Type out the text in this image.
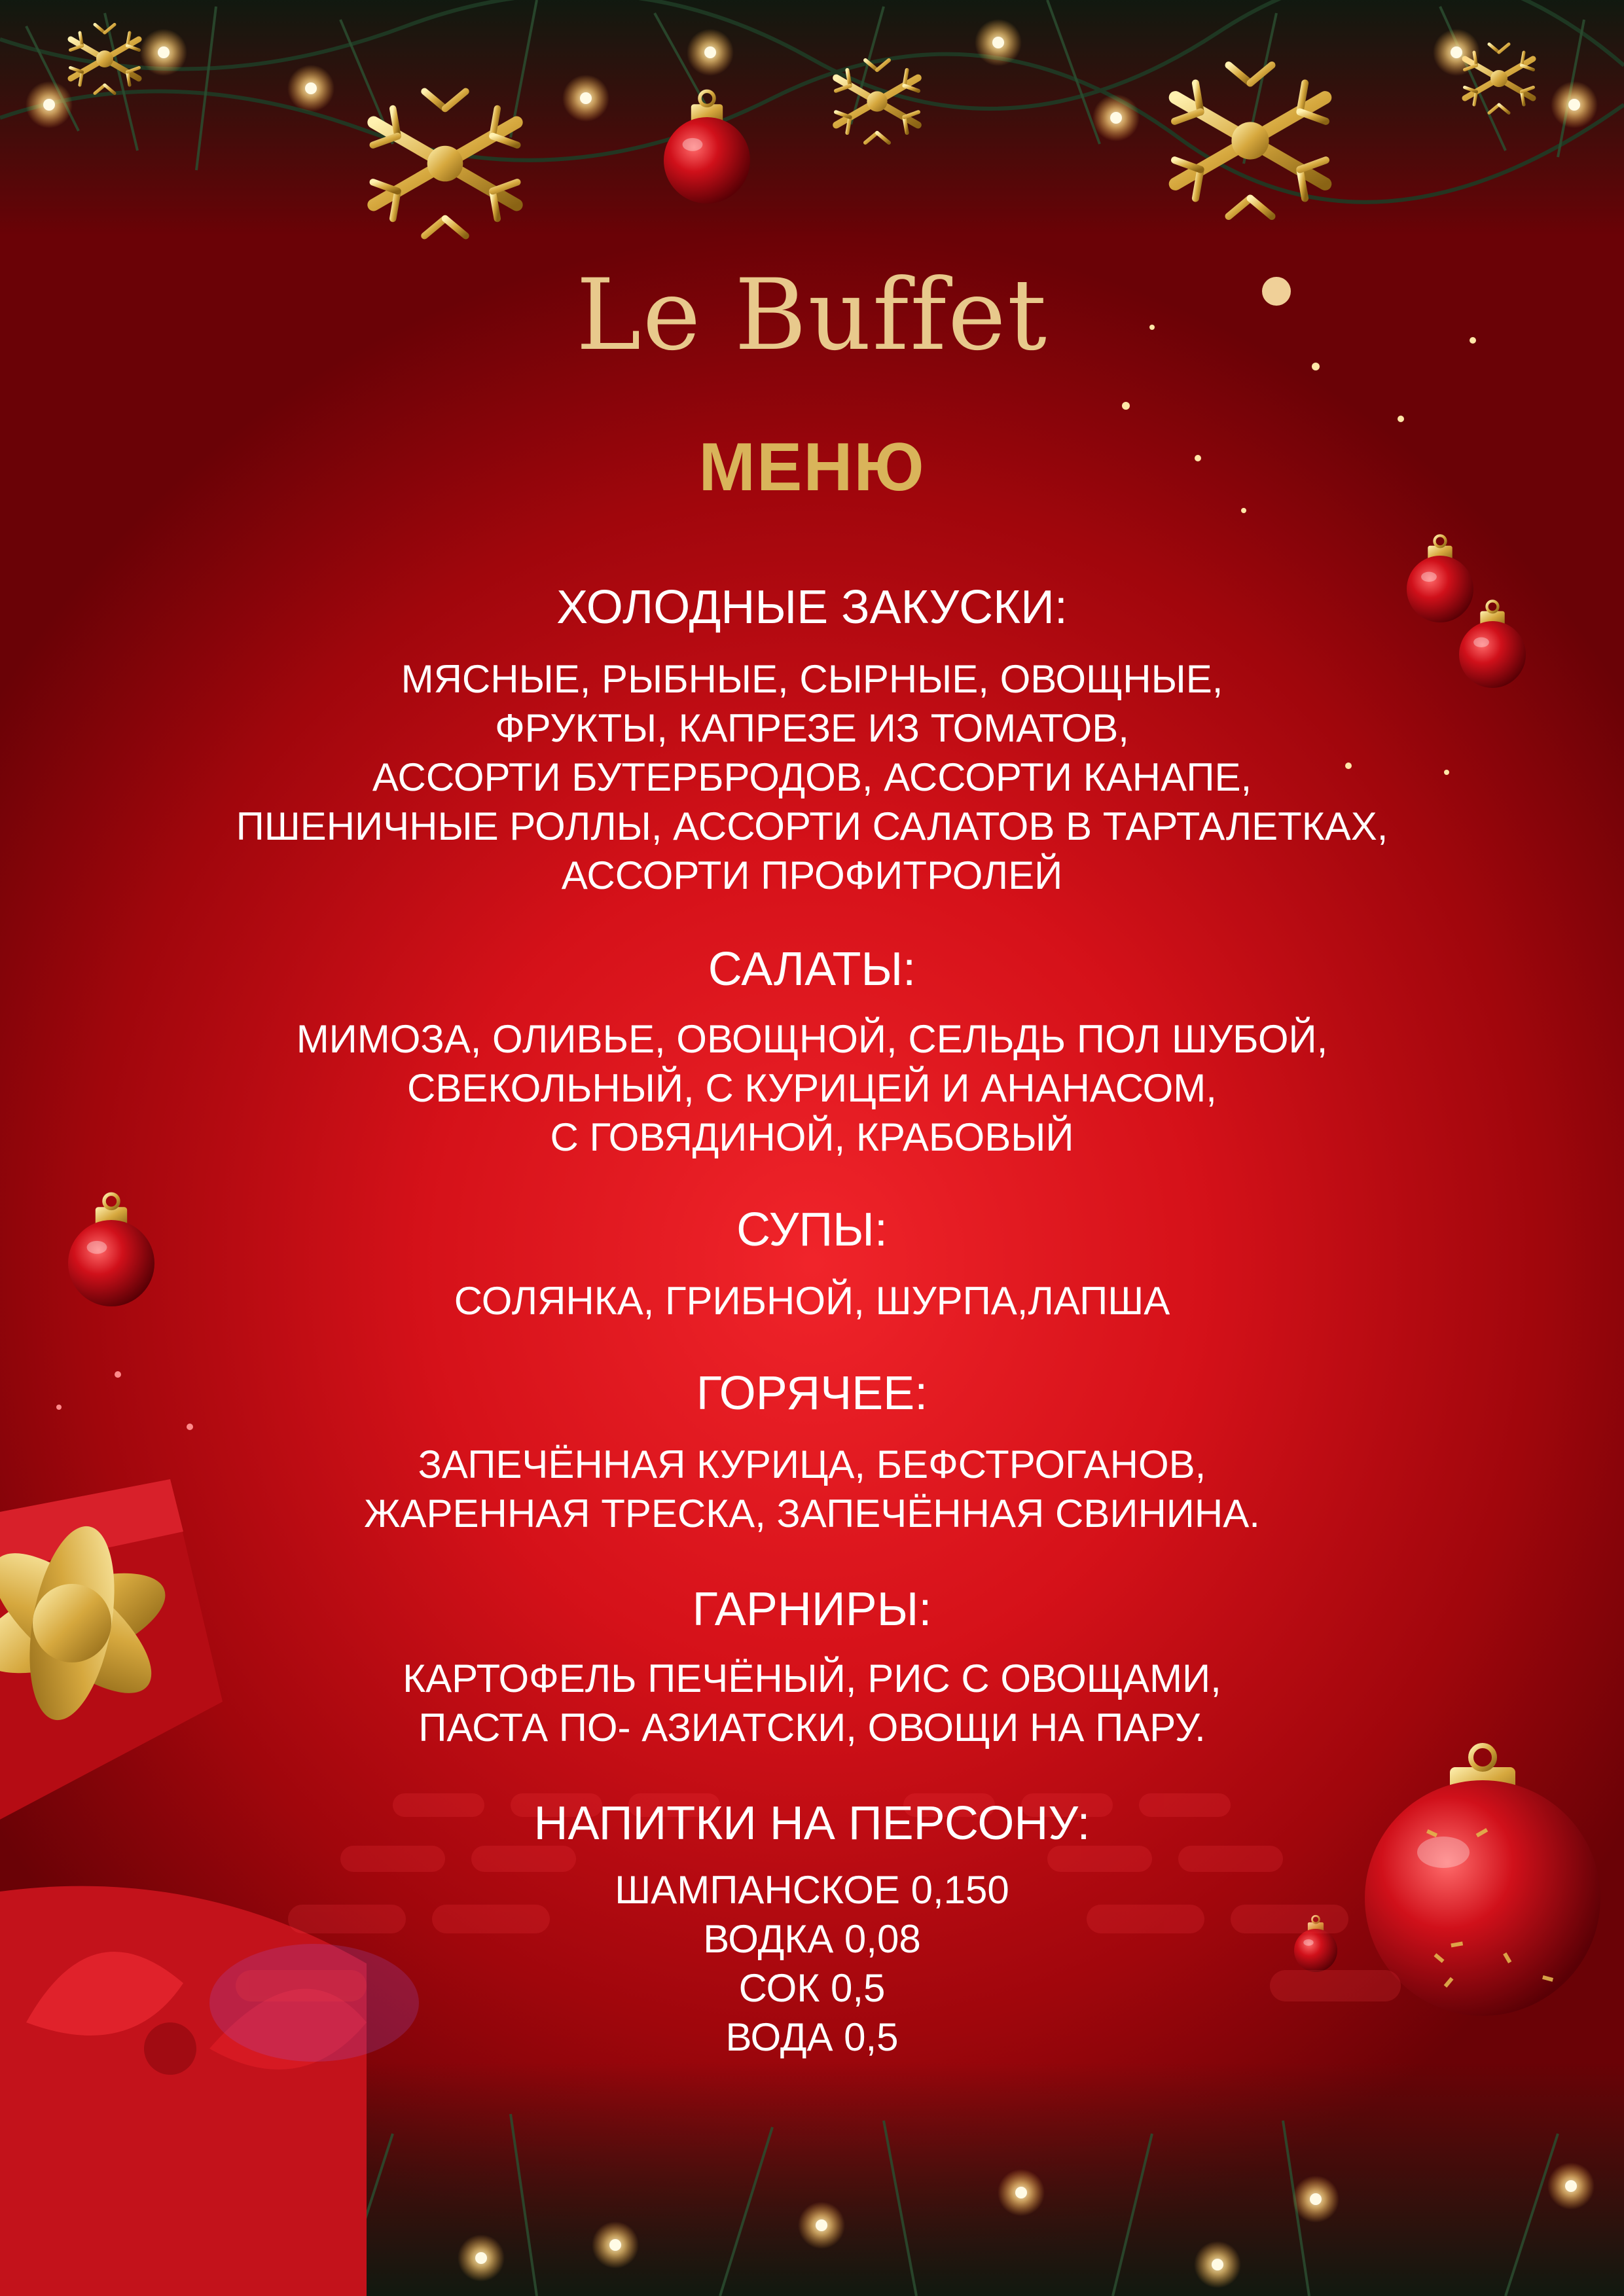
Le Buffet
МЕНЮ
ХОЛОДНЫЕ ЗАКУСКИ:
МЯСНЫЕ, РЫБНЫЕ, СЫРНЫЕ, ОВОЩНЫЕ,
ФРУКТЫ, КАПРЕЗЕ ИЗ ТОМАТОВ,
АССОРТИ БУТЕРБРОДОВ, АССОРТИ КАНАПЕ,
ПШЕНИЧНЫЕ РОЛЛЫ, АССОРТИ САЛАТОВ В ТАРТАЛЕТКАХ,
АССОРТИ ПРОФИТРОЛЕЙ
САЛАТЫ:
МИМОЗА, ОЛИВЬЕ, ОВОЩНОЙ, СЕЛЬДЬ ПОЛ ШУБОЙ,
СВЕКОЛЬНЫЙ, С КУРИЦЕЙ И АНАНАСОМ,
С ГОВЯДИНОЙ, КРАБОВЫЙ
СУПЫ:
СОЛЯНКА, ГРИБНОЙ, ШУРПА,ЛАПША
ГОРЯЧЕЕ:
ЗАПЕЧЁННАЯ КУРИЦА, БЕФСТРОГАНОВ,
ЖАРЕННАЯ ТРЕСКА, ЗАПЕЧЁННАЯ СВИНИНА.
ГАРНИРЫ:
КАРТОФЕЛЬ ПЕЧЁНЫЙ, РИС С ОВОЩАМИ,
ПАСТА ПО- АЗИАТСКИ, ОВОЩИ НА ПАРУ.
НАПИТКИ НА ПЕРСОНУ:
ШАМПАНСКОЕ 0,150
ВОДКА 0,08
СОК 0,5
ВОДА 0,5
